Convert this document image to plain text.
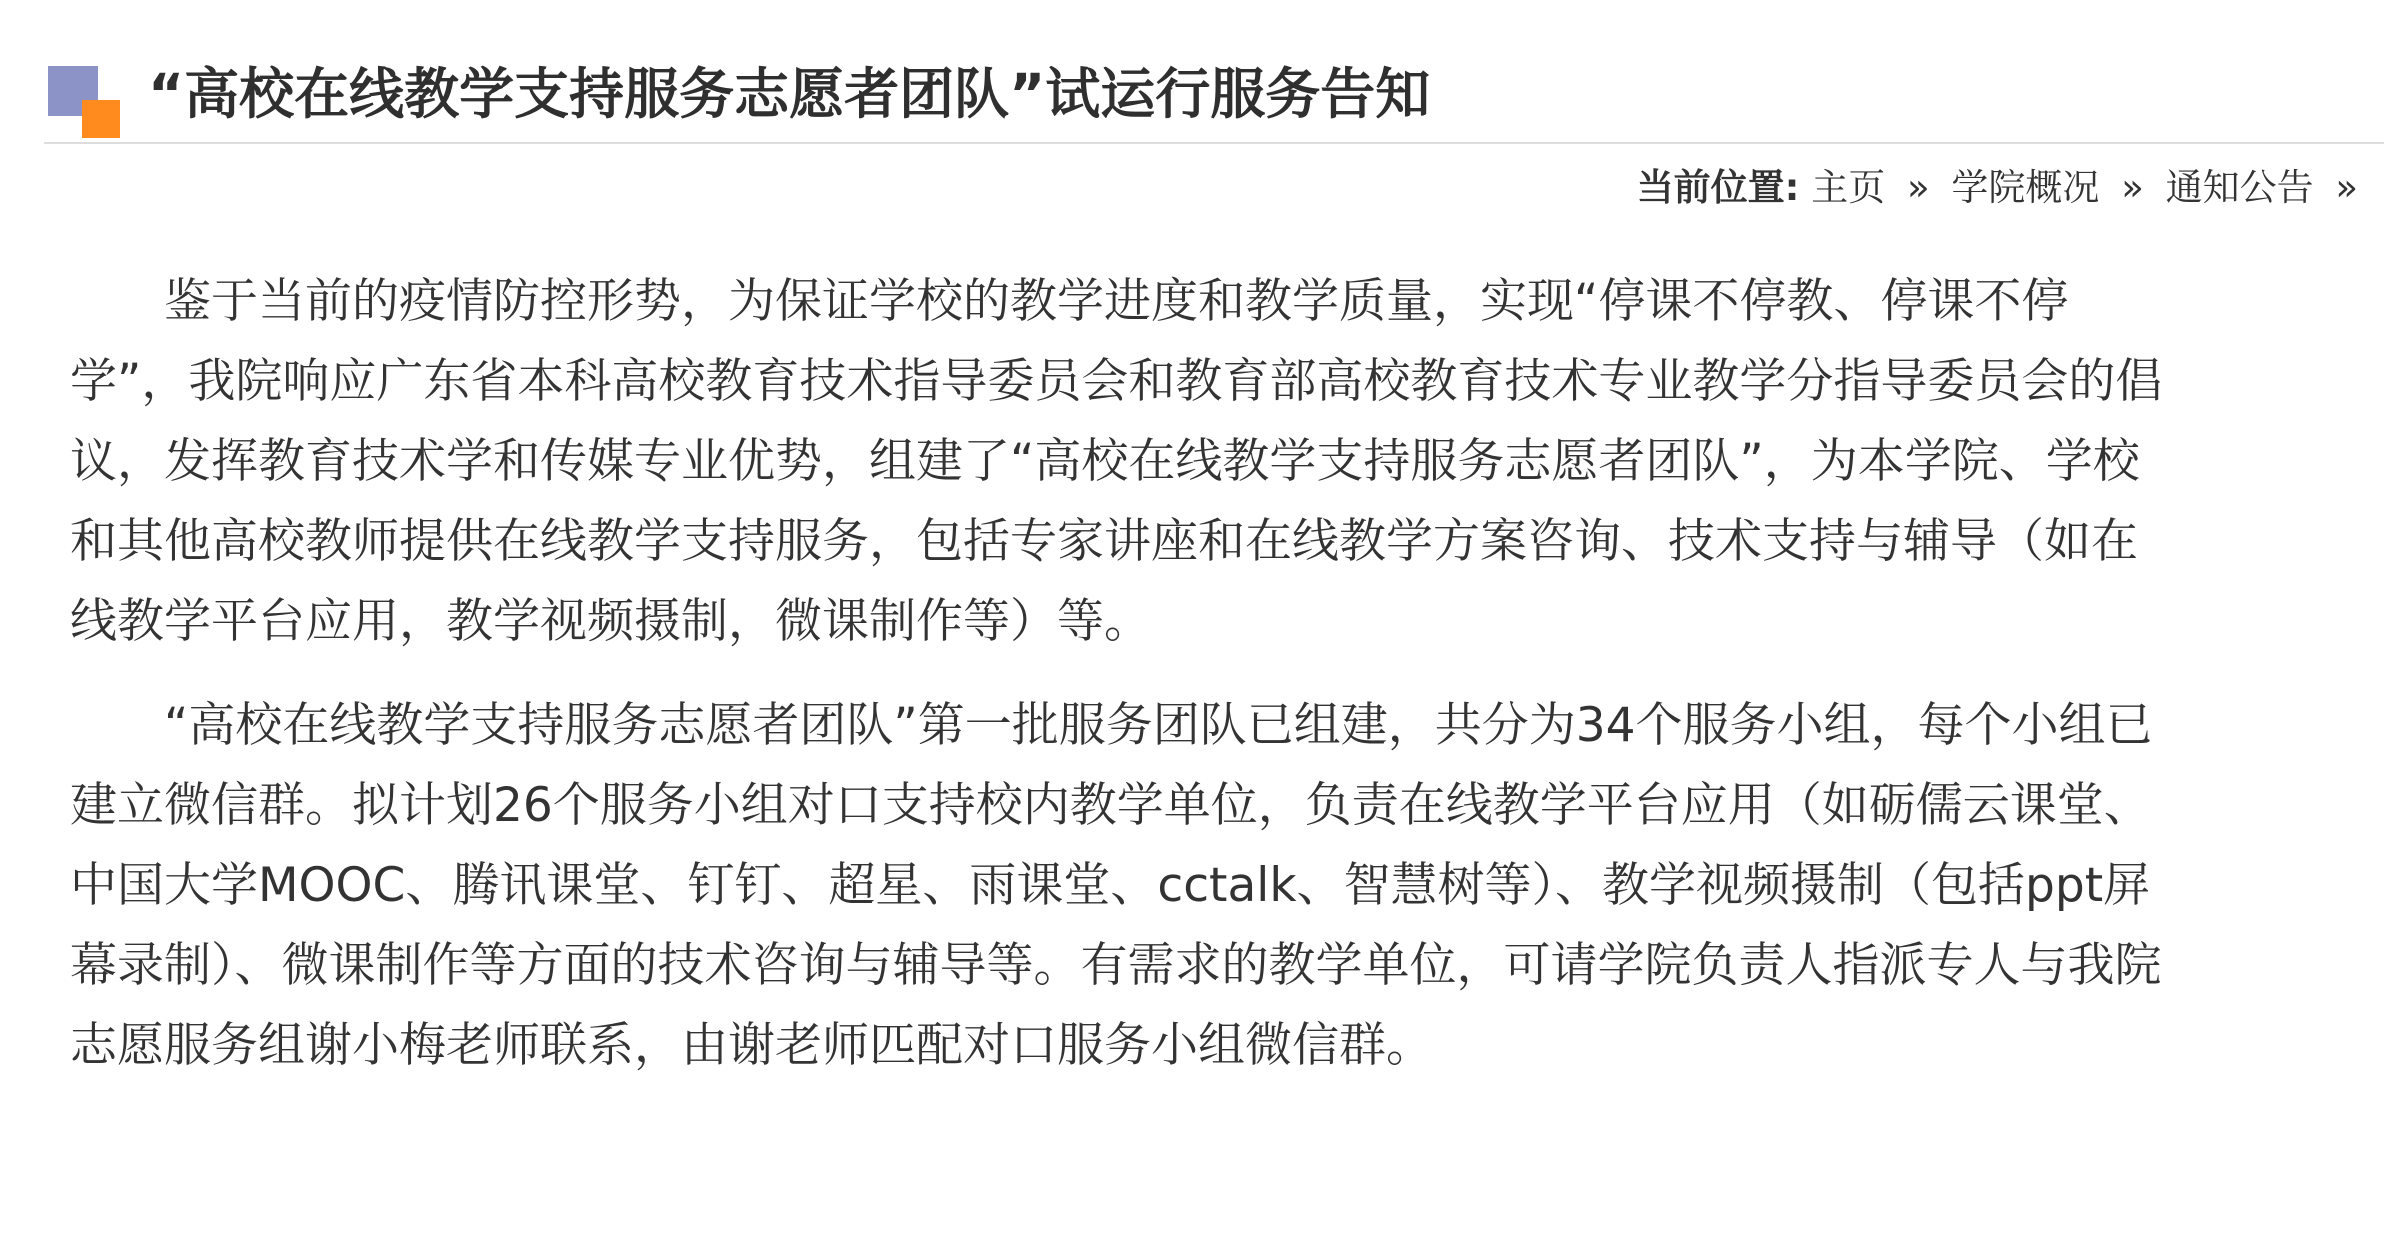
“高校在线教学支持服务志愿者团队”试运行服务告知
当前位置: 主页 » 学院概况 » 通知公告 »

鉴于当前的疫情防控形势，为保证学校的教学进度和教学质量，实现“停课不停教、停课不停学”，我院响应广东省本科高校教育技术指导委员会和教育部高校教育技术专业教学分指导委员会的倡议，发挥教育技术学和传媒专业优势，组建了“高校在线教学支持服务志愿者团队”，为本学院、学校和其他高校教师提供在线教学支持服务，包括专家讲座和在线教学方案咨询、技术支持与辅导（如在线教学平台应用，教学视频摄制，微课制作等）等。

“高校在线教学支持服务志愿者团队”第一批服务团队已组建，共分为34个服务小组，每个小组已建立微信群。拟计划26个服务小组对口支持校内教学单位，负责在线教学平台应用（如砺儒云课堂、中国大学MOOC、腾讯课堂、钉钉、超星、雨课堂、cctalk、智慧树等）、教学视频摄制（包括ppt屏幕录制）、微课制作等方面的技术咨询与辅导等。有需求的教学单位，可请学院负责人指派专人与我院志愿服务组谢小梅老师联系，由谢老师匹配对口服务小组微信群。
